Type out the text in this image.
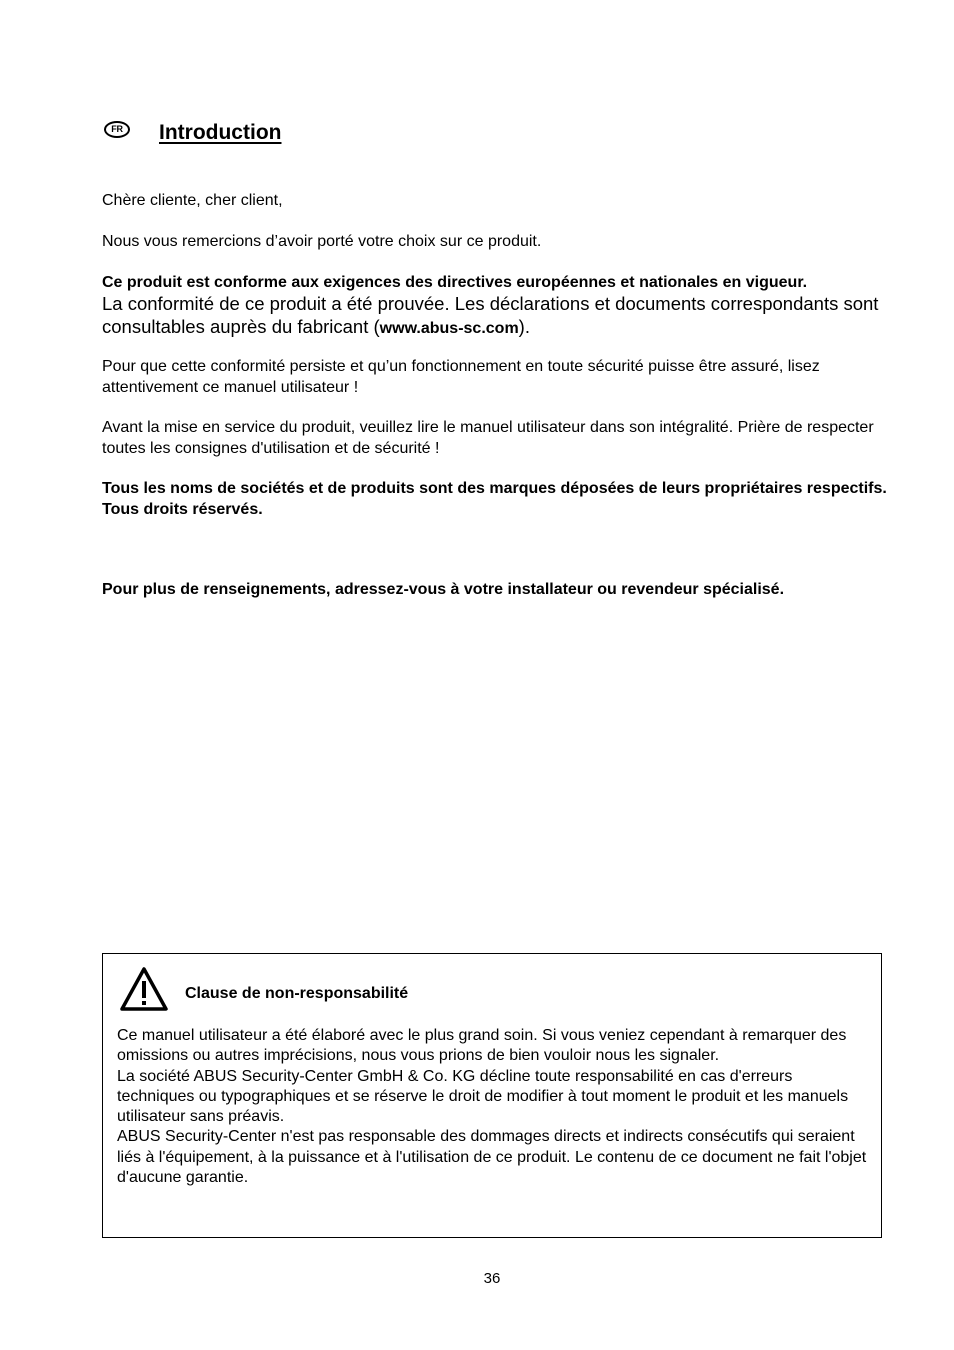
FR	Introduction
Chère cliente, cher client,
Nous vous remercions d’avoir porté votre choix sur ce produit.
Ce produit est conforme aux exigences des directives européennes et nationales en vigueur.
La conformité de ce produit a été prouvée. Les déclarations et documents correspondants sont consultables auprès du fabricant (www.abus-sc.com).
Pour que cette conformité persiste et qu’un fonctionnement en toute sécurité puisse être assuré, lisez attentivement ce manuel utilisateur !
Avant la mise en service du produit, veuillez lire le manuel utilisateur dans son intégralité. Prière de respecter toutes les consignes d'utilisation et de sécurité !
Tous les noms de sociétés et de produits sont des marques déposées de leurs propriétaires respectifs. Tous droits réservés.
Pour plus de renseignements, adressez-vous à votre installateur ou revendeur spécialisé.
Clause de non-responsabilité
Ce manuel utilisateur a été élaboré avec le plus grand soin. Si vous veniez cependant à remarquer des omissions ou autres imprécisions, nous vous prions de bien vouloir nous les signaler.
La société ABUS Security-Center GmbH & Co. KG décline toute responsabilité en cas d'erreurs techniques ou typographiques et se réserve le droit de modifier à tout moment le produit et les manuels utilisateur sans préavis.
ABUS Security-Center n'est pas responsable des dommages directs et indirects consécutifs qui seraient liés à l'équipement, à la puissance et à l'utilisation de ce produit. Le contenu de ce document ne fait l'objet d'aucune garantie.
36
